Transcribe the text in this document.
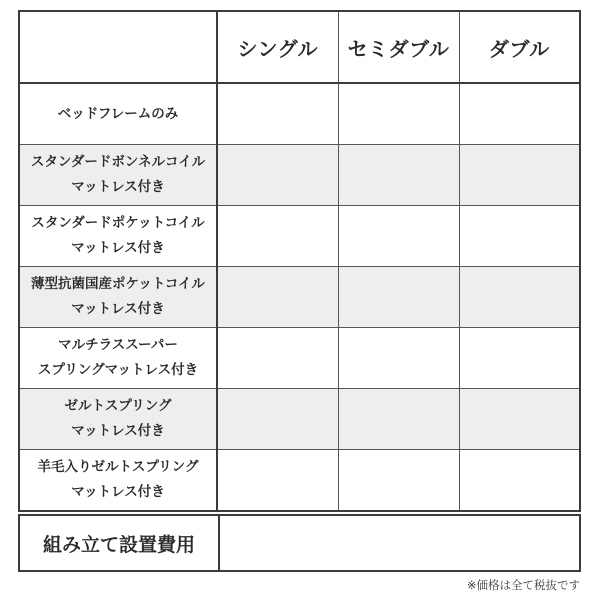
	シングル	セミダブル	ダブル

ベッドフレームのみ			

スタンダードボンネルコイル
マットレス付き			

スタンダードポケットコイル
マットレス付き			

薄型抗菌国産ポケットコイル
マットレス付き			

マルチラススーパー
スプリングマットレス付き			

ゼルトスプリング
マットレス付き			

羊毛入りゼルトスプリング
マットレス付き			

組み立て設置費用
※価格は全て税抜です
